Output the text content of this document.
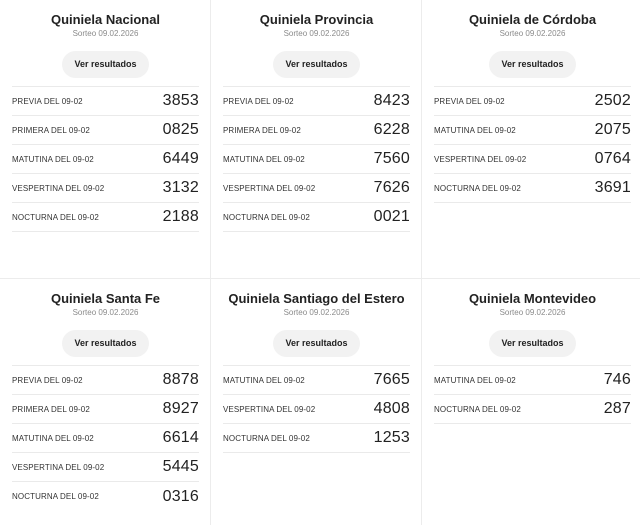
Quiniela Nacional
Sorteo 09.02.2026
Ver resultados
PREVIA DEL 09-02	3853
PRIMERA DEL 09-02	0825
MATUTINA DEL 09-02	6449
VESPERTINA DEL 09-02	3132
NOCTURNA DEL 09-02	2188
Quiniela Provincia
Sorteo 09.02.2026
Ver resultados
PREVIA DEL 09-02	8423
PRIMERA DEL 09-02	6228
MATUTINA DEL 09-02	7560
VESPERTINA DEL 09-02	7626
NOCTURNA DEL 09-02	0021
Quiniela de Córdoba
Sorteo 09.02.2026
Ver resultados
PREVIA DEL 09-02	2502
MATUTINA DEL 09-02	2075
VESPERTINA DEL 09-02	0764
NOCTURNA DEL 09-02	3691
Quiniela Santa Fe
Sorteo 09.02.2026
Ver resultados
PREVIA DEL 09-02	8878
PRIMERA DEL 09-02	8927
MATUTINA DEL 09-02	6614
VESPERTINA DEL 09-02	5445
NOCTURNA DEL 09-02	0316
Quiniela Santiago del Estero
Sorteo 09.02.2026
Ver resultados
MATUTINA DEL 09-02	7665
VESPERTINA DEL 09-02	4808
NOCTURNA DEL 09-02	1253
Quiniela Montevideo
Sorteo 09.02.2026
Ver resultados
MATUTINA DEL 09-02	746
NOCTURNA DEL 09-02	287
